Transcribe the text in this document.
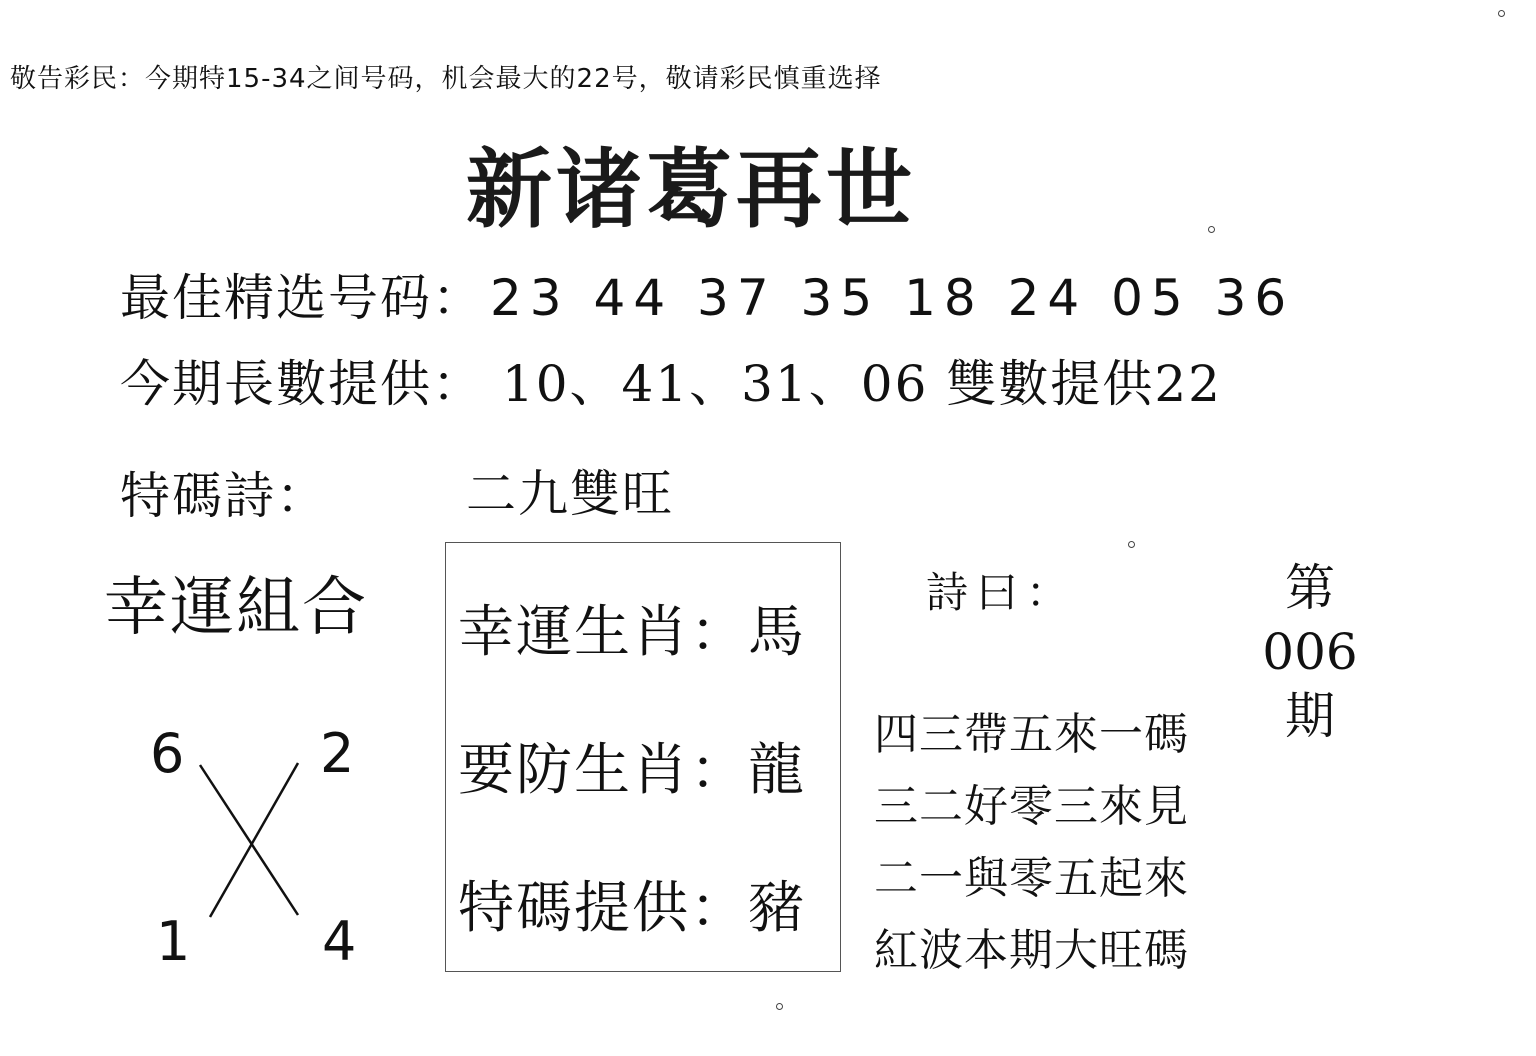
敬告彩民：今期特15-34之间号码，机会最大的22号，敬请彩民慎重选择
新诸葛再世
最佳精选号码： 23 44 37 35 18 24 05 36
今期長數提供： 10、41、31、06 雙數提供22
特碼詩：	二九雙旺
幸運組合
6	2
1 4
幸運生肖：馬
要防生肖：龍
特碼提供：豬
詩曰：
四三帶五來一碼
三二好零三來見
二一與零五起來
紅波本期大旺碼
第
006
期
